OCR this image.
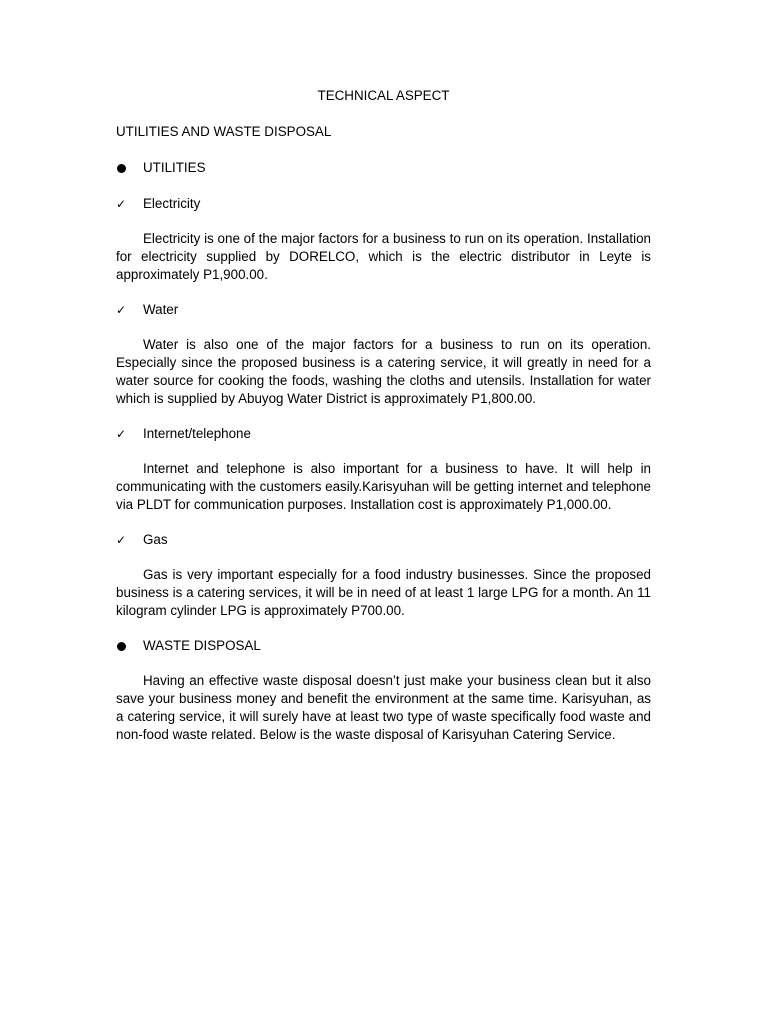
TECHNICAL ASPECT
UTILITIES AND WASTE DISPOSAL
UTILITIES
✓	Electricity

Electricity is one of the major factors for a business to run on its operation. Installation for electricity supplied by DORELCO, which is the electric distributor in Leyte is approximately P1,900.00.

✓	Water

Water is also one of the major factors for a business to run on its operation. Especially since the proposed business is a catering service, it will greatly in need for a water source for cooking the foods, washing the cloths and utensils. Installation for water which is supplied by Abuyog Water District is approximately P1,800.00.

✓	Internet/telephone

Internet and telephone is also important for a business to have. It will help in communicating with the customers easily.Karisyuhan will be getting internet and telephone via PLDT for communication purposes. Installation cost is approximately P1,000.00.

✓	Gas

Gas is very important especially for a food industry businesses. Since the proposed business is a catering services, it will be in need of at least 1 large LPG for a month. An 11 kilogram cylinder LPG is approximately P700.00.

WASTE DISPOSAL

Having an effective waste disposal doesn’t just make your business clean but it also save your business money and benefit the environment at the same time. Karisyuhan, as a catering service, it will surely have at least two type of waste specifically food waste and non-food waste related. Below is the waste disposal of Karisyuhan Catering Service.
